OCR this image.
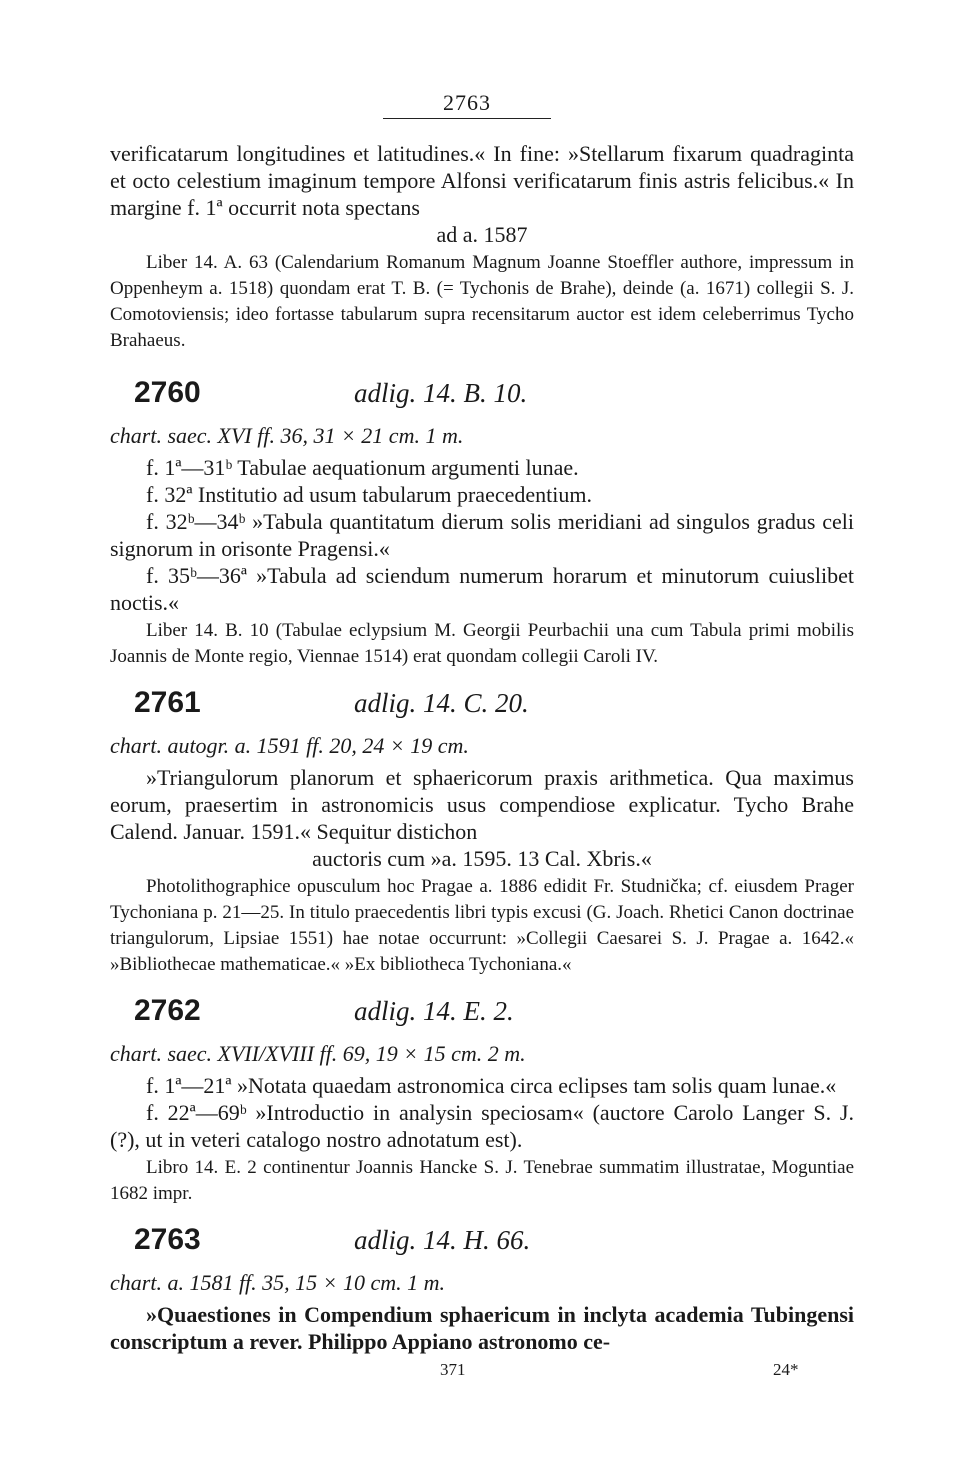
2763

verificatarum longitudines et latitudines.« In fine: »Stellarum fixarum quadraginta et octo celestium imaginum tempore Alfonsi verificatarum finis astris felicibus.« In margine f. 1ª occurrit nota spectans

ad a. 1587

Liber 14. A. 63 (Calendarium Romanum Magnum Joanne Stoeffler authore, impressum in Oppenheym a. 1518) quondam erat T. B. (= Tychonis de Brahe), deinde (a. 1671) collegii S. J. Comotoviensis; ideo fortasse tabularum supra recensitarum auctor est idem celeberrimus Tycho Brahaeus.

2760	adlig. 14. B. 10.

chart. saec. XVI ff. 36, 31 × 21 cm. 1 m.

f. 1ª—31ᵇ Tabulae aequationum argumenti lunae.

f. 32ª Institutio ad usum tabularum praecedentium.

f. 32ᵇ—34ᵇ »Tabula quantitatum dierum solis meridiani ad singulos gradus celi signorum in orisonte Pragensi.«

f. 35ᵇ—36ª »Tabula ad sciendum numerum horarum et minutorum cuiuslibet noctis.«

Liber 14. B. 10 (Tabulae eclypsium M. Georgii Peurbachii una cum Tabula primi mobilis Joannis de Monte regio, Viennae 1514) erat quondam collegii Caroli IV.

2761	adlig. 14. C. 20.

chart. autogr. a. 1591 ff. 20, 24 × 19 cm.

»Triangulorum planorum et sphaericorum praxis arithmetica. Qua maximus eorum, praesertim in astronomicis usus compendiose explicatur. Tycho Brahe Calend. Januar. 1591.« Sequitur distichon

auctoris cum »a. 1595. 13 Cal. Xbris.«

Photolithographice opusculum hoc Pragae a. 1886 edidit Fr. Studnička; cf. eiusdem Prager Tychoniana p. 21—25. In titulo praecedentis libri typis excusi (G. Joach. Rhetici Canon doctrinae triangulorum, Lipsiae 1551) hae notae occurrunt: »Collegii Caesarei S. J. Pragae a. 1642.« »Bibliothecae mathematicae.« »Ex bibliotheca Tychoniana.«

2762	adlig. 14. E. 2.

chart. saec. XVII/XVIII ff. 69, 19 × 15 cm. 2 m.

f. 1ª—21ª »Notata quaedam astronomica circa eclipses tam solis quam lunae.«

f. 22ª—69ᵇ »Introductio in analysin speciosam« (auctore Carolo Langer S. J. (?), ut in veteri catalogo nostro adnotatum est).

Libro 14. E. 2 continentur Joannis Hancke S. J. Tenebrae summatim illustratae, Moguntiae 1682 impr.

2763	adlig. 14. H. 66.

chart. a. 1581 ff. 35, 15 × 10 cm. 1 m.

»Quaestiones in Compendium sphaericum in inclyta academia Tubingensi conscriptum a rever. Philippo Appiano astronomo ce-

371	24*
